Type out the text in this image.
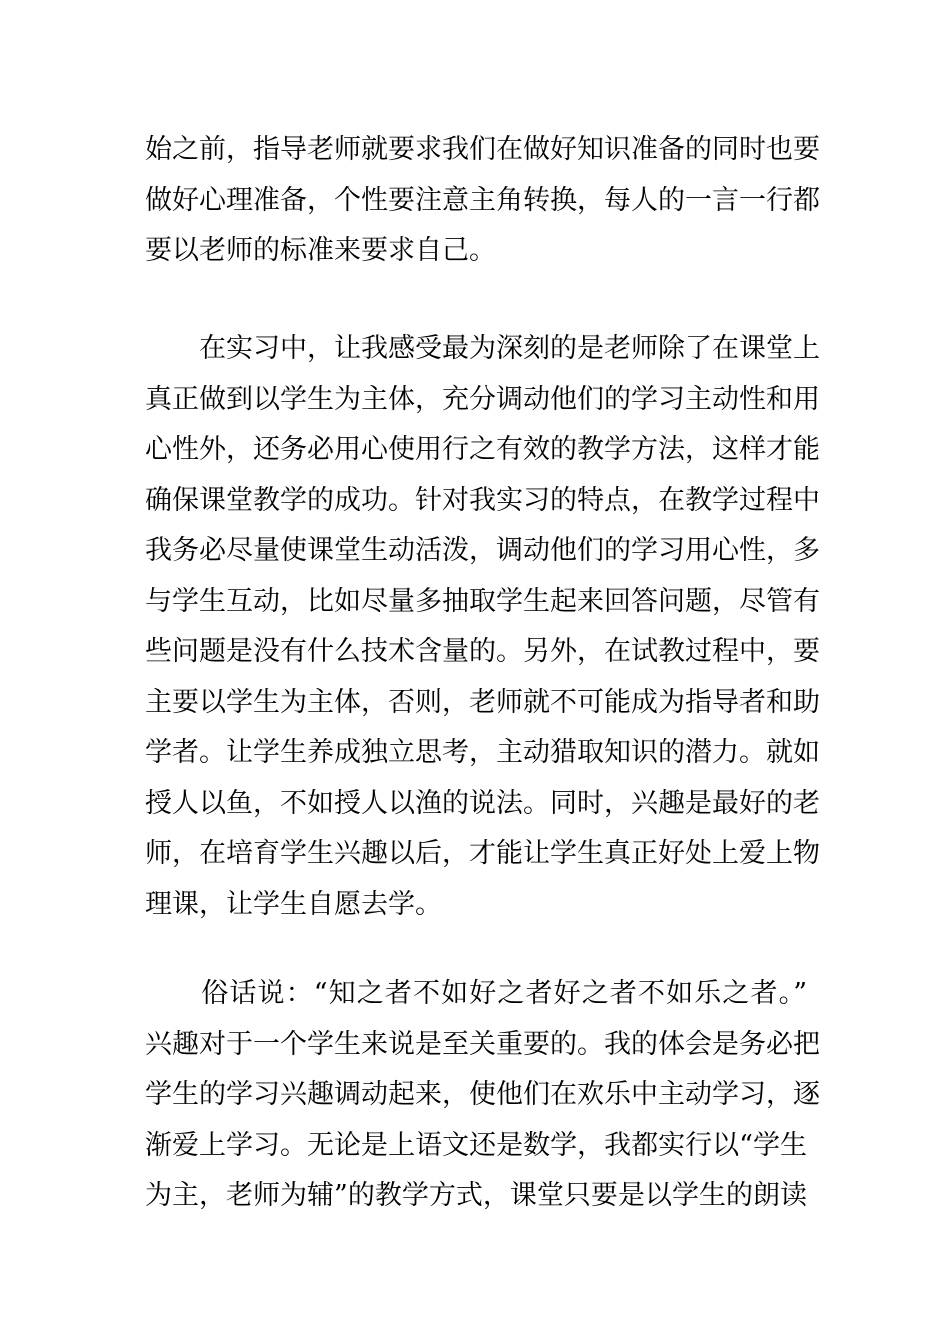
始之前，指导老师就要求我们在做好知识准备的同时也要
做好心理准备，个性要注意主角转换，每人的一言一行都
要以老师的标准来要求自己。
　　在实习中，让我感受最为深刻的是老师除了在课堂上
真正做到以学生为主体，充分调动他们的学习主动性和用
心性外，还务必用心使用行之有效的教学方法，这样才能
确保课堂教学的成功。针对我实习的特点，在教学过程中
我务必尽量使课堂生动活泼，调动他们的学习用心性，多
与学生互动，比如尽量多抽取学生起来回答问题，尽管有
些问题是没有什么技术含量的。另外，在试教过程中，要
主要以学生为主体，否则，老师就不可能成为指导者和助
学者。让学生养成独立思考，主动猎取知识的潜力。就如
授人以鱼，不如授人以渔的说法。同时，兴趣是最好的老
师，在培育学生兴趣以后，才能让学生真正好处上爱上物
理课，让学生自愿去学。
　　俗话说：“知之者不如好之者好之者不如乐之者。”
兴趣对于一个学生来说是至关重要的。我的体会是务必把
学生的学习兴趣调动起来，使他们在欢乐中主动学习，逐
渐爱上学习。无论是上语文还是数学，我都实行以“学生
为主，老师为辅”的教学方式，课堂只要是以学生的朗读
